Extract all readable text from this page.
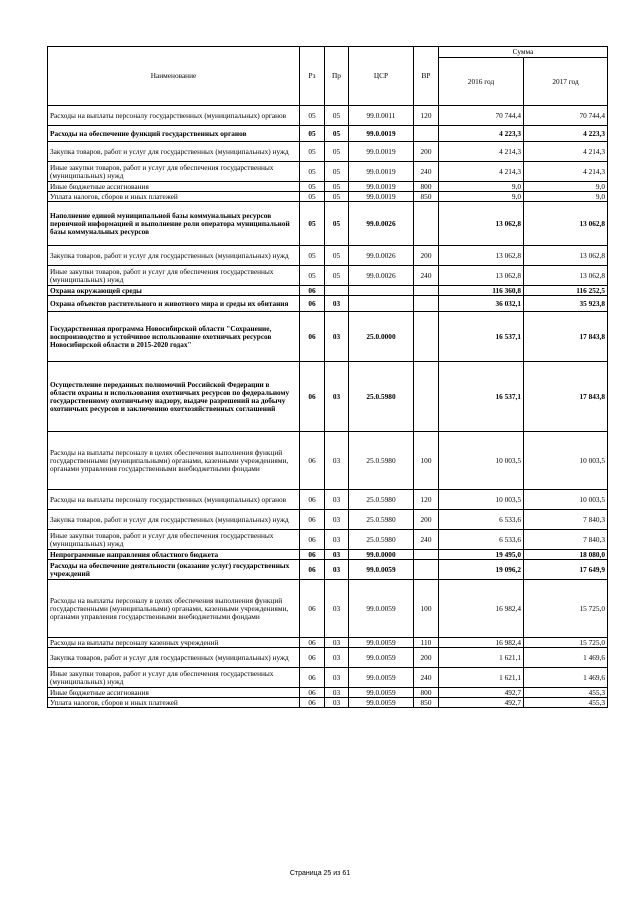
Наименование	Рз	Пр	ЦСР	ВР	Сумма	
					2016 год	2017 год
Расходы на выплаты персоналу государственных (муниципальных) органов	05	05	99.0.0011	120	70 744,4	70 744,4
Расходы на обеспечение функций государственных органов	05	05	99.0.0019		4 223,3	4 223,3
Закупка товаров, работ и услуг для государственных (муниципальных) нужд	05	05	99.0.0019	200	4 214,3	4 214,3
Иные закупки товаров, работ и услуг для обеспечения государственных (муниципальных) нужд	05	05	99.0.0019	240	4 214,3	4 214,3
Иные бюджетные ассигнования	05	05	99.0.0019	800	9,0	9,0
Уплата налогов, сборов и иных платежей	05	05	99.0.0019	850	9,0	9,0
Наполнение единой муниципальной базы коммунальных ресурсов первичной информацией и выполнение роли оператора муниципальной базы коммунальных ресурсов	05	05	99.0.0026		13 062,8	13 062,8
Закупка товаров, работ и услуг для государственных (муниципальных) нужд	05	05	99.0.0026	200	13 062,8	13 062,8
Иные закупки товаров, работ и услуг для обеспечения государственных (муниципальных) нужд	05	05	99.0.0026	240	13 062,8	13 062,8
Охрана окружающей среды	06				116 360,8	116 252,5
Охрана объектов растительного и животного мира и среды их обитания	06	03			36 032,1	35 923,8
Государственная программа Новосибирской области "Сохранение, воспроизводство и устойчивое использование охотничьих ресурсов Новосибирской области в 2015-2020 годах"	06	03	25.0.0000		16 537,1	17 843,8
Осуществление переданных полномочий Российской Федерации в области охраны и использования охотничьих ресурсов по федеральному государственному охотничьему надзору, выдаче разрешений на добычу охотничьих ресурсов и заключению охотхозяйственных соглашений	06	03	25.0.5980		16 537,1	17 843,8
Расходы на выплаты персоналу в целях обеспечения выполнения функций государственными (муниципальными) органами, казенными учреждениями, органами управления государственными внебюджетными фондами	06	03	25.0.5980	100	10 003,5	10 003,5
Расходы на выплаты персоналу государственных (муниципальных) органов	06	03	25.0.5980	120	10 003,5	10 003,5
Закупка товаров, работ и услуг для государственных (муниципальных) нужд	06	03	25.0.5980	200	6 533,6	7 840,3
Иные закупки товаров, работ и услуг для обеспечения государственных (муниципальных) нужд	06	03	25.0.5980	240	6 533,6	7 840,3
Непрограммные направления областного бюджета	06	03	99.0.0000		19 495,0	18 080,0
Расходы на обеспечение деятельности (оказание услуг) государственных учреждений	06	03	99.0.0059		19 096,2	17 649,9
Расходы на выплаты персоналу в целях обеспечения выполнения функций государственными (муниципальными) органами, казенными учреждениями, органами управления государственными внебюджетными фондами	06	03	99.0.0059	100	16 982,4	15 725,0
Расходы на выплаты персоналу казенных учреждений	06	03	99.0.0059	110	16 982,4	15 725,0
Закупка товаров, работ и услуг для государственных (муниципальных) нужд	06	03	99.0.0059	200	1 621,1	1 469,6
Иные закупки товаров, работ и услуг для обеспечения государственных (муниципальных) нужд	06	03	99.0.0059	240	1 621,1	1 469,6
Иные бюджетные ассигнования	06	03	99.0.0059	800	492,7	455,3
Уплата налогов, сборов и иных платежей	06	03	99.0.0059	850	492,7	455,3
Страница 25 из 61
